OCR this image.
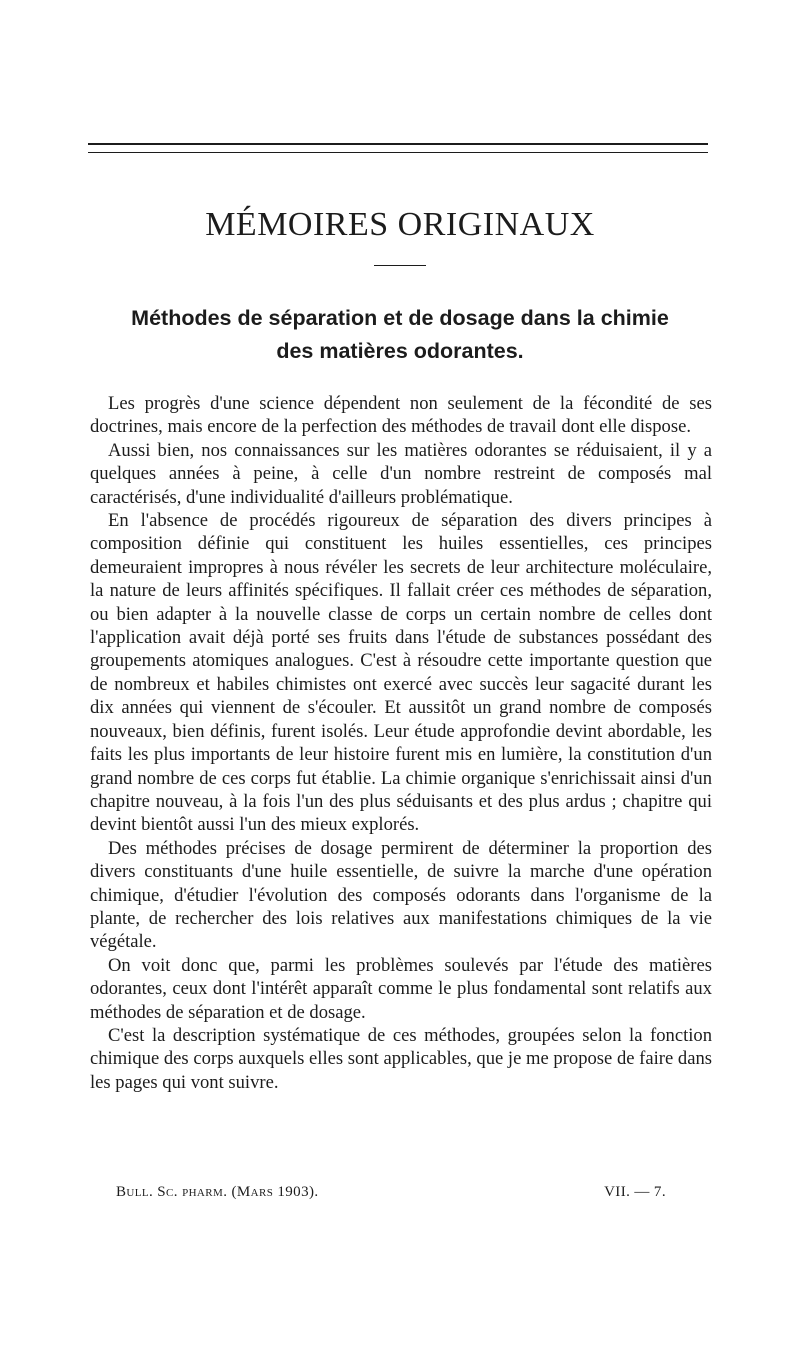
MÉMOIRES ORIGINAUX
Méthodes de séparation et de dosage dans la chimie
des matières odorantes.

Les progrès d'une science dépendent non seulement de la fécondité de ses doctrines, mais encore de la perfection des méthodes de travail dont elle dispose.

Aussi bien, nos connaissances sur les matières odorantes se réduisaient, il y a quelques années à peine, à celle d'un nombre restreint de composés mal caractérisés, d'une individualité d'ailleurs problématique.

En l'absence de procédés rigoureux de séparation des divers principes à composition définie qui constituent les huiles essentielles, ces principes demeuraient impropres à nous révéler les secrets de leur architecture moléculaire, la nature de leurs affinités spécifiques. Il fallait créer ces méthodes de séparation, ou bien adapter à la nouvelle classe de corps un certain nombre de celles dont l'application avait déjà porté ses fruits dans l'étude de substances possédant des groupements atomiques analogues. C'est à résoudre cette importante question que de nombreux et habiles chimistes ont exercé avec succès leur sagacité durant les dix années qui viennent de s'écouler. Et aussitôt un grand nombre de composés nouveaux, bien définis, furent isolés. Leur étude approfondie devint abordable, les faits les plus importants de leur histoire furent mis en lumière, la constitution d'un grand nombre de ces corps fut établie. La chimie organique s'enrichissait ainsi d'un chapitre nouveau, à la fois l'un des plus séduisants et des plus ardus ; chapitre qui devint bientôt aussi l'un des mieux explorés.

Des méthodes précises de dosage permirent de déterminer la proportion des divers constituants d'une huile essentielle, de suivre la marche d'une opération chimique, d'étudier l'évolution des composés odorants dans l'organisme de la plante, de rechercher des lois relatives aux manifestations chimiques de la vie végétale.

On voit donc que, parmi les problèmes soulevés par l'étude des matières odorantes, ceux dont l'intérêt apparaît comme le plus fondamental sont relatifs aux méthodes de séparation et de dosage.

C'est la description systématique de ces méthodes, groupées selon la fonction chimique des corps auxquels elles sont applicables, que je me propose de faire dans les pages qui vont suivre.

Bull. Sc. pharm. (Mars 1903).	VII. — 7.
